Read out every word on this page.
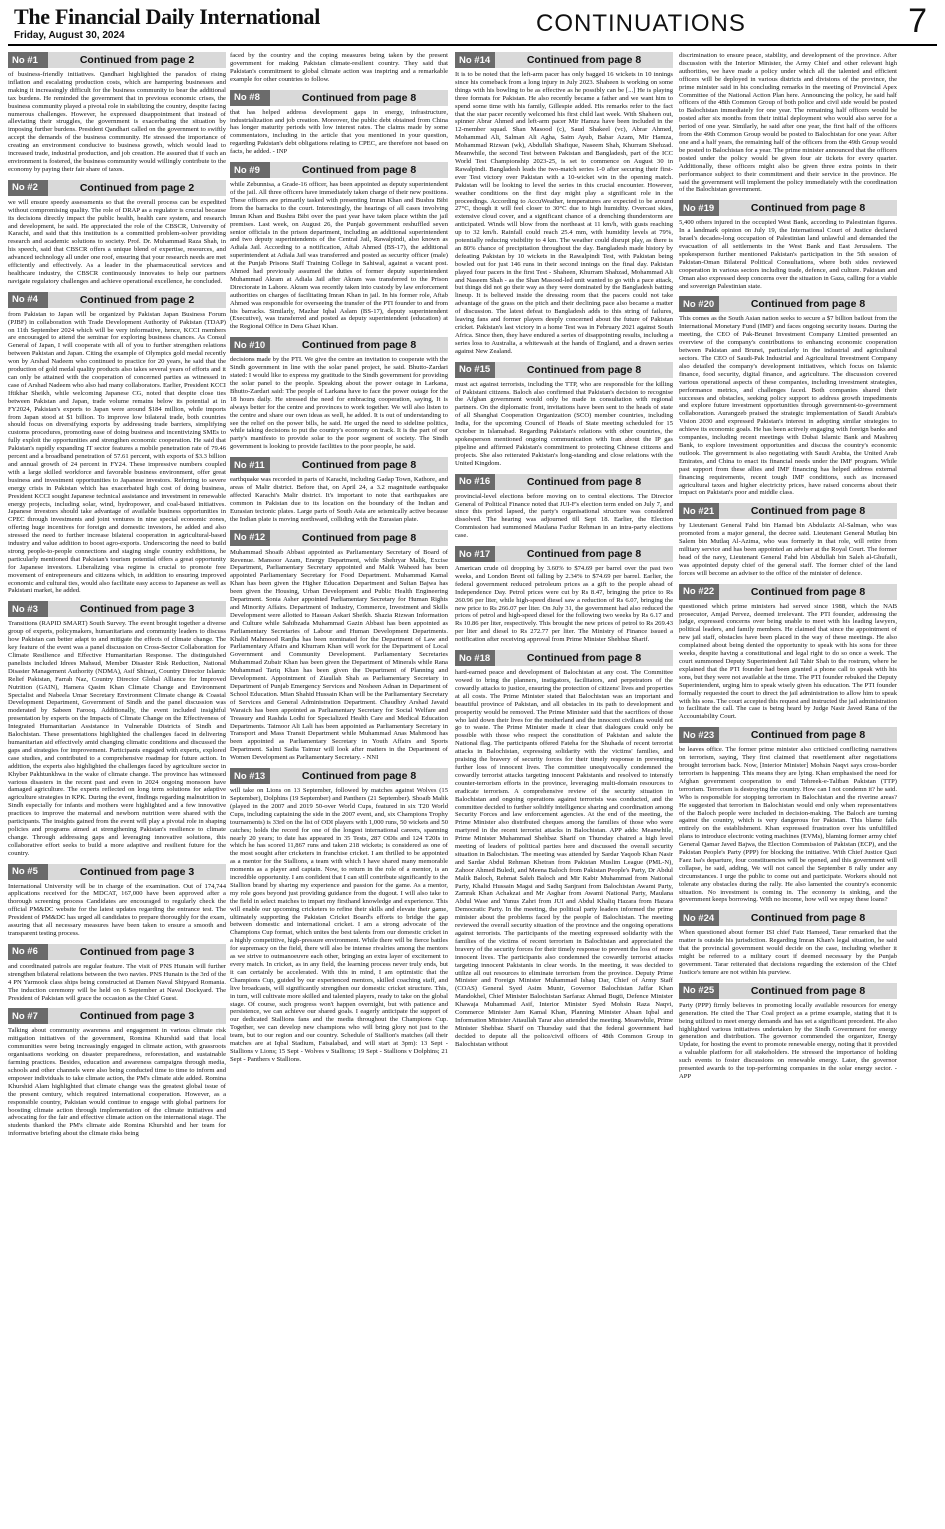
The Financial Daily International
Friday, August 30, 2024	CONTINUATIONS	7
No #1	Continued from page 2
of business-friendly initiatives. Qandhari highlighted the paradox of rising inflation and escalating production costs, which are hampering businesses and making it increasingly difficult for the business community to bear the additional tax burdens. He reminded the government that in previous economic crises, the business community played a pivotal role in stabilizing the country, despite facing numerous challenges. However, he expressed disappointment that instead of alleviating their struggles, the government is exacerbating the situation by imposing further burdens. President Qandhari called on the government to swiftly accept the demands of the business community. He stressed the importance of creating an environment conducive to business growth, which would lead to increased trade, industrial production, and job creation. He assured that if such an environment is fostered, the business community would willingly contribute to the economy by paying their fair share of taxes.
No #2	Continued from page 2
we will ensure speedy assessments so that the overall process can be expedited without compromising quality. The role of DRAP as a regulator is crucial because its decisions directly impact the public health, health care system, and research and development, he said. He appreciated the role of the CBSCR, University of Karachi, and said that this institution is a committed problem-solver providing research and academic solutions to society. Prof. Dr. Muhammad Raza Shah, in his speech, said that CBSCR offers a unique blend of expertise, resources, and advanced technology all under one roof, ensuring that your research needs are met efficiently and effectively. As a leader in the pharmaceutical services and healthcare industry, the CBSCR continuously innovates to help our partners navigate regulatory challenges and achieve operational excellence, he concluded.
No #4	Continued from page 2
from Pakistan to Japan will be organized by Pakistan Japan Business Forum (PJBF) in collaboration with Trade Development Authority of Pakistan (TDAP) on 11th September 2024 which will be very informative, hence, KCCI members are encouraged to attend the seminar for exploring business chances. As Consul General of Japan, I will cooperate with all of you to further strengthen relations between Pakistan and Japan. Citing the example of Olympics gold medal recently won by Arshad Nadeem who continued to practice for 20 years, he said that the production of gold medal quality products also takes several years of efforts and it can only be attained with the cooperation of concerned parties as witnessed in case of Arshad Nadeem who also had many collaborators. Earlier, President KCCI Iftikhar Sheikh, while welcoming Japanese CG, noted that despite close ties between Pakistan and Japan, trade volume remains below its potential at in FY2024, Pakistan's exports to Japan were around $184 million, while imports from Japan stood at $1 billion. To improve low bilateral trade, both countries should focus on diversifying exports by addressing trade barriers, simplifying customs procedures, promoting ease of doing business and incentivizing SMEs to fully exploit the opportunities and strengthen economic cooperation. He said that Pakistan's rapidly expanding IT sector features a mobile penetration rate of 79.46 percent and a broadband penetration of 57.61 percent, with exports of $3.3 billion and annual growth of 24 percent in FY24. These impressive numbers coupled with a large skilled workforce and favorable business environment, offer great business and investment opportunities to Japanese investors. Referring to severe energy crisis in Pakistan which has exacerbated high cost of doing business, President KCCI sought Japanese technical assistance and investment in renewable energy projects, including solar, wind, hydropower, and coal-based initiatives. Japanese investors should take advantage of available business opportunities in CPEC through investments and joint ventures in nine special economic zones, offering huge incentives for foreign and domestic investors, he added and also stressed the need to further increase bilateral cooperation in agricultural-based industry and value addition to boost agro-exports. Underscoring the need to build strong people-to-people connections and staging single country exhibitions, he particularly mentioned that Pakistan's tourism potential offers a great opportunity for Japanese investors. Liberalizing visa regime is crucial to promote free movement of entrepreneurs and citizens which, in addition to ensuring improved economic and cultural ties, would also facilitate easy access to Japanese as well as Pakistani market, he added.
No #3	Continued from page 3
Transitions (RAPID SMART) South Survey. The event brought together a diverse group of experts, policymakers, humanitarians and community leaders to discuss how Pakistan can better adapt to and mitigate the effects of climate change. The key feature of the event was a panel discussion on Cross-Sector Collaboration for Climate Resilience and Effective Humanitarian Response. The distinguished panelists included Idrees Mahsud, Member Disaster Risk Reduction, National Disaster Management Authority (NDMA), Asif Shirazi, Country Director Islamic Relief Pakistan, Farrah Naz, Country Director Global Alliance for Improved Nutrition (GAIN), Hamera Qasim Khan Climate Change and Environment Specialist and Nabeela Umar Secretary Environment Climate change & Coastal Development Department, Government of Sindh and the panel discussion was moderated by Sabeen Farooq. Additionally, the event included insightful presentation by experts on the Impacts of Climate Change on the Effectiveness of Integrated Humanitarian Assistance in Vulnerable Districts of Sindh and Balochistan. These presentations highlighted the challenges faced in delivering humanitarian aid effectively amid changing climatic conditions and discussed the gaps and strategies for improvement. Participants engaged with experts, explored case studies, and contributed to a comprehensive roadmap for future action. In addition, the experts also highlighted the challenges faced by agriculture sector in Khyber Pakhtunkhwa in the wake of climate change. The province has witnessed various disasters in the recent past and even in 2024 ongoing monsoon have damaged agriculture. The experts reflected on long term solutions for adaptive agriculture strategies in KPK. During the event, findings regarding malnutrition in Sindh especially for infants and mothers were highlighted and a few innovative practices to improve the maternal and newborn nutrition were shared with the participants. The insights gained from the event will play a pivotal role in shaping policies and programs aimed at strengthening Pakistan's resilience to climate change. Through addressing gaps and leveraging innovative solutions, this collaborative effort seeks to build a more adaptive and resilient future for the country.
No #5	Continued from page 3
International University will be in charge of the examination. Out of 174,744 applications received for the MDCAT, 167,000 have been approved after a thorough screening process Candidates are encouraged to regularly check the official PM&DC website for the latest updates regarding the entrance test. The President of PM&DC has urged all candidates to prepare thoroughly for the exam, assuring that all necessary measures have been taken to ensure a smooth and transparent testing process.
No #6	Continued from page 3
and coordinated patrols are regular feature. The visit of PNS Hunain will further strengthen bilateral relations between the two navies. PNS Hunain is the 3rd of the 4 PN Yarmook class ships being constructed at Damen Naval Shipyard Romania. The induction ceremony will be held on 6 September at Naval Dockyard. The President of Pakistan will grace the occasion as the Chief Guest.
No #7	Continued from page 3
Talking about community awareness and engagement in various climate risk mitigation initiatives of the government, Romina Khurshid said that local communities were being increasingly engaged in climate action, with grassroots organisations working on disaster preparedness, reforestation, and sustainable farming practices. Besides, education and awareness campaigns through media, schools and other channels were also being conducted time to time to inform and empower individuals to take climate action, the PM's climate aide added. Romina Khurshid Alam highlighted that climate change was the greatest global issue of the present century, which required international cooperation. However, as a responsible country, Pakistan would continue to engage with global partners for boosting climate action through implementation of the climate initiatives and advocating for the fair and effective climate action on the international stage. The students thanked the PM's climate aide Romina Khurshid and her team for informative briefing about the climate risks being
faced by the country and the coping measures being taken by the present government for making Pakistan climate-resilient country. They said that Pakistan's commitment to global climate action was inspiring and a remarkable example for other countries to follow.
No #8	Continued from page 8
that has helped address development gaps in energy, infrastructure, industrialization and job creation. Moreover, the public debt obtained from China has longer maturity periods with low interest rates. The claims made by some commentators, including in the article that you mentioned in your question, regarding Pakistan's debt obligations relating to CPEC, are therefore not based on facts, he added. - INP
No #9	Continued from page 8
while Zebunnisa, a Grade-16 officer, has been appointed as deputy superintendent of the jail. All three officers have immediately taken charge of their new positions. These officers are primarily tasked with presenting Imran Khan and Bushra Bibi from the barracks to the court. Interestingly, the hearings of all cases involving Imran Khan and Bushra Bibi over the past year have taken place within the jail premises. Last week, on August 26, the Punjab government reshuffled seven senior officials in the prison department, including an additional superintendent and two deputy superintendents of the Central Jail, Rawalpindi, also known as Adiala Jail. According to a notification, Aftab Ahmed (BS-17), the additional superintendent at Adiala Jail was transferred and posted as security officer (male) at the Punjab Prisons Staff Training College in Sahiwal, against a vacant post. Ahmed had previously assumed the duties of former deputy superintendent Muhammad Akram at Adiala Jail after Akram was transferred to the Prison Directorate in Lahore. Akram was recently taken into custody by law enforcement authorities on charges of facilitating Imran Khan in jail. In his former role, Aftab Ahmed was responsible for overseeing the transfer of the PTI founder to and from his barracks. Similarly, Mazhar Iqbal Aslam (BS-17), deputy superintendent (Executive), was transferred and posted as deputy superintendent (education) at the Regional Office in Dera Ghazi Khan.
No #10	Continued from page 8
decisions made by the PTI. We give the centre an invitation to cooperate with the Sindh government in line with the solar panel project, he said. Bhutto-Zardari stated: I would like to express my gratitude to the Sindh government for providing the solar panel to the people. Speaking about the power outage in Larkana, Bhutto-Zardari said: The people of Larkana have to face the power outage for the 18 hours daily. He stressed the need for embracing cooperation, saying, It is always better for the centre and provinces to work together. We will also listen to the centre and share our own ideas as well, he added. It is out of understanding to see the relief on the power bills, he said. He urged the need to sideline politics, while taking decisions to put the country's economy on track. It is the part of our party's manifesto to provide solar to the poor segment of society. The Sindh government is looking to provide facilities to the poor people, he said.
No #11	Continued from page 8
earthquake was recorded in parts of Karachi, including Gadap Town, Kathore, and areas of Malir district. Before that, on April 24, a 3.2 magnitude earthquake affected Karachi's Malir district. It's important to note that earthquakes are common in Pakistan due to its location on the boundary of the Indian and Eurasian tectonic plates. Large parts of South Asia are seismically active because the Indian plate is moving northward, colliding with the Eurasian plate.
No #12	Continued from page 8
Muhammad Shoaib Abbasi appointed as Parliamentary Secretary of Board of Revenue. Mansoor Azam, Energy Department, while Shehryar Malik, Excise Department, Parliamentary Secretary appointed and Malik Waheed has been appointed Parliamentary Secretary for Food Department. Muhammad Kamal Khan has been given the Higher Education Department and Sultan Bajwa has been given the Housing, Urban Development and Public Health Engineering Department. Sonia Asher appointed Parliamentary Secretary for Human Rights and Minority Affairs. Department of Industry, Commerce, Investment and Skills Development were allotted to Hassan Askari Sheikh. Shazia Rizwan Information and Culture while Sahibzada Muhammad Gazin Abbasi has been appointed as Parliamentary Secretaries of Labour and Human Development Departments. Khalid Mahmood Ranjha has been nominated for the Department of Law and Parliamentary Affairs and Khurram Khan will work for the Department of Local Government and Community Development. Parliamentary Secretaries Muhammad Zubair Khan has been given the Department of Minerals while Rana Muhammad Tariq Khan has been given the Department of Planning and Development. Appointment of Ziaullah Shah as Parliamentary Secretary in Department of Punjab Emergency Services and Nosheen Adnan in Department of School Education. Mian Shahid Hussain Khan will be the Parliamentary Secretary of Services and General Administration Department. Chaudhry Arshad Javaid Waraich has been appointed as Parliamentary Secretary for Social Welfare and Treasury and Rashda Lodhi for Specialized Health Care and Medical Education Departments. Taimoor Ali Lali has been appointed as Parliamentary Secretary in Transport and Mass Transit Department while Muhammad Anas Mahmood has been appointed as Parliamentary Secretary in Youth Affairs and Sports Department. Salmi Sadia Taimur will look after matters in the Department of Women Development as Parliamentary Secretary. - NNI
No #13	Continued from page 8
will take on Lions on 13 September, followed by matches against Wolves (15 September), Dolphins (19 September) and Panthers (21 September). Shoaib Malik (played in the 2007 and 2019 50-over World Cups, featured in six T20 World Cups, including captaining the side in the 2007 event, and, six Champions Trophy tournaments) is 33rd on the list of ODI players with 1,000 runs, 50 wickets and 50 catches; holds the record for one of the longest international careers, spanning nearly 20 years; to date has appeared in 35 Tests, 287 ODIs and 124 T20Is in which he has scored 11,867 runs and taken 218 wickets; is considered as one of the most sought after cricketers in franchise cricket. I am thrilled to be appointed as a mentor for the Stallions, a team with which I have shared many memorable moments as a player and captain. Now, to return in the role of a mentor, is an incredible opportunity. I am confident that I can still contribute significantly to the Stallion brand by sharing my experience and passion for the game. As a mentor, my role goes beyond just providing guidance from the dugout. I will also take to the field in select matches to impart my firsthand knowledge and experience. This will enable our upcoming cricketers to refine their skills and elevate their game, ultimately supporting the Pakistan Cricket Board's efforts to bridge the gap between domestic and international cricket. I am a strong advocate of the Champions Cup format, which unites the best talents from our domestic cricket in a highly competitive, high-pressure environment. While there will be fierce battles for supremacy on the field, there will also be intense rivalries among the mentors as we strive to outmanoeuvre each other, bringing an extra layer of excitement to every match. In cricket, as in any field, the learning process never truly ends, but it can certainly be accelerated. With this in mind, I am optimistic that the Champions Cup, guided by our experienced mentors, skilled coaching staff, and live broadcasts, will significantly strengthen our domestic cricket structure. This, in turn, will cultivate more skilled and talented players, ready to take on the global stage. Of course, such progress won't happen overnight, but with patience and persistence, we can achieve our shared goals. I eagerly anticipate the support of our dedicated Stallions fans and the media throughout the Champions Cup. Together, we can develop new champions who will bring glory not just to the team, but to our region and our country. Schedule of Stallion's matches (all their matches are at Iqbal Stadium, Faisalabad, and will start at 3pm): 13 Sept - Stallions v Lions; 15 Sept - Wolves v Stallions; 19 Sept - Stallions v Dolphins; 21 Sept - Panthers v Stallions.
No #14	Continued from page 8
It is to be noted that the left-arm pacer has only bagged 16 wickets in 10 innings since his comeback from a long injury in July 2023. Shaheen is working on some things with his bowling to be as effective as he possibly can be [...] He is playing three formats for Pakistan. He also recently became a father and we want him to spend some time with his family, Gillespie added. His remarks refer to the fact that the star pacer recently welcomed his first child last week. With Shaheen out, spinner Abrar Ahmed and left-arm pacer Mir Hamza have been included in the 12-member squad. Shan Masood (c), Saud Shakeel (vc), Abrar Ahmed, Mohammad Ali, Salman Ali Agha, Saim Ayub, Babar Azam, Mir Hamza, Mohammad Rizwan (wk), Abdullah Shafique, Naseem Shah, Khurram Shehzad. Meanwhile, the second Test between Pakistan and Bangladesh, part of the ICC World Test Championship 2023-25, is set to commence on August 30 in Rawalpindi. Bangladesh leads the two-match series 1-0 after securing their first-ever Test victory over Pakistan with a 10-wicket win in the opening match. Pakistan will be looking to level the series in this crucial encounter. However, weather conditions on the first day might play a significant role in the proceedings. According to AccuWeather, temperatures are expected to be around 27°C, though it will feel closer to 30°C due to high humidity. Overcast skies, extensive cloud cover, and a significant chance of a drenching thunderstorm are anticipated. Winds will blow from the northeast at 11 km/h, with gusts reaching up to 32 km/h. Rainfall could reach 25.4 mm, with humidity levels at 79%, potentially reducing visibility to 4 km. The weather could disrupt play, as there is an 80% chance of precipitation throughout the day. Bangladesh made history by defeating Pakistan by 10 wickets in the Rawalpindi Test, with Pakistan being bowled out for just 146 runs in their second innings on the final day. Pakistan played four pacers in the first Test - Shaheen, Khurram Shahzad, Mohammad Ali and Naseem Shah - as the Shan Masood-led unit wanted to go with a pace attack, but things did not go their way as they were dominated by the Bangladesh batting lineup. It is believed inside the dressing room that the pacers could not take advantage of the grass on the pitch and their declining pace also became a matter of discussion. The latest defeat to Bangladesh adds to this string of failures, leaving fans and former players deeply concerned about the future of Pakistan cricket. Pakistan's last victory in a home Test was in February 2021 against South Africa. Since then, they have endured a series of disappointing results, including a series loss to Australia, a whitewash at the hands of England, and a drawn series against New Zealand.
No #15	Continued from page 8
must act against terrorists, including the TTP, who are responsible for the killing of Pakistani citizens. Baloch also confirmed that Pakistan's decision to recognise the Afghan government would only be made in consultation with regional partners. On the diplomatic front, invitations have been sent to the heads of state of all Shanghai Cooperation Organization (SCO) member countries, including India, for the upcoming Council of Heads of State meeting scheduled for 15 October in Islamabad. Regarding Pakistan's relations with other countries, the spokesperson mentioned ongoing communication with Iran about the IP gas pipeline and affirmed Pakistan's commitment to protecting Chinese citizens and projects. She also reiterated Pakistan's long-standing and close relations with the United Kingdom.
No #16	Continued from page 8
provincial-level elections before moving on to central elections. The Director General of Political Finance noted that JUI-F's election term ended on July 7, and since this period lapsed, the party's organisational structure was considered dissolved. The hearing was adjourned till Sept 18. Earlier, the Election Commission had summoned Maulana Fazlur Rehman in an intra-party elections case.
No #17	Continued from page 8
American crude oil dropping by 3.60% to $74.69 per barrel over the past two weeks, and London Brent oil falling by 2.34% to $74.69 per barrel. Earlier, the federal government reduced petroleum prices as a gift to the people ahead of Independence Day. Petrol prices were cut by Rs 8.47, bringing the price to Rs 260.96 per liter, while high-speed diesel saw a reduction of Rs 6.07, bringing the new price to Rs 266.07 per liter. On July 31, the government had also reduced the prices of petrol and high-speed diesel for the following two weeks by Rs 6.17 and Rs 10.86 per liter, respectively. This brought the new prices of petrol to Rs 269.43 per liter and diesel to Rs 272.77 per liter. The Ministry of Finance issued a notification after receiving approval from Prime Minister Shehbaz Sharif.
No #18	Continued from page 8
hard-earned peace and development of Balochistan at any cost. The Committee vowed to bring the planners, instigators, facilitators, and perpetrators of the cowardly attacks to justice, ensuring the protection of citizens' lives and properties at all costs. The Prime Minister stated that Balochistan was an important and beautiful province of Pakistan, and all obstacles in its path to development and prosperity would be removed. The Prime Minister said that the sacrifices of those who laid down their lives for the motherland and the innocent civilians would not go to waste. The Prime Minister made it clear that dialogues could only be possible with those who respect the constitution of Pakistan and salute the National flag. The participants offered Fateha for the Shuhada of recent terrorist attacks in Balochistan, expressing solidarity with the victims' families, and praising the bravery of security forces for their timely response in preventing further loss of innocent lives. The committee unequivocally condemned the cowardly terrorist attacks targeting innocent Pakistanis and resolved to intensify counter-terrorism efforts in the province, leveraging multi-domain resources to eradicate terrorism. A comprehensive review of the security situation in Balochistan and ongoing operations against terrorists was conducted, and the committee decided to further solidify intelligence sharing and coordination among Security Forces and law enforcement agencies. At the end of the meeting, the Prime Minister also distributed cheques among the families of those who were martyred in the recent terrorist attacks in Balochistan. APP adds: Meanwhile, Prime Minister Muhammad Shehbaz Sharif on Thursday chaired a high level meeting of leaders of political parties here and discussed the overall security situation in Balochistan. The meeting was attended by Sardar Yaqoob Khan Nasir and Sardar Abdul Rehman Khetran from Pakistan Muslim League (PML-N), Zahoor Ahmed Buledi, and Meena Baloch from Pakistan People's Party, Dr Abdul Malik Baloch, Rehmat Saleh Baloch and Mir Kabir Muhammad from National Party, Khalid Hussain Magsi and Sadiq Sanjrani from Balochistan Awami Party, Zamrak Khan Achakzai and Mr Asghar from Awami National Party, Maulana Abdul Wase and Yunus Zahri from JUI and Abdul Khaliq Hazara from Hazara Democratic Party. In the meeting, the political party leaders informed the prime minister about the problems faced by the people of Balochistan. The meeting reviewed the overall security situation of the province and the ongoing operations against terrorists. The participants of the meeting expressed solidarity with the families of the victims of recent terrorism in Balochistan and appreciated the bravery of the security forces for their timely response to prevent the loss of more innocent lives. The participants also condemned the cowardly terrorist attacks targeting innocent Pakistanis in clear words. In the meeting, it was decided to utilize all out resources to eliminate terrorism from the province. Deputy Prime Minister and Foreign Minister Muhammad Ishaq Dar, Chief of Army Staff (COAS) General Syed Asim Munir, Governor Balochistan Jaffar Khan Mandokhel, Chief Minister Balochistan Sarfaraz Ahmad Bugti, Defence Minister Khawaja Muhammad Asif, Interior Minister Syed Mohsin Raza Naqvi, Commerce Minister Jam Kamal Khan, Planning Minister Ahsan Iqbal and Information Minister Attaullah Tarar also attended the meeting. Meanwhile, Prime Minister Shehbaz Sharif on Thursday said that the federal government had decided to depute all the police/civil officers of 48th Common Group in Balochistan without
discrimination to ensure peace, stability, and development of the province. After discussion with the Interior Minister, the Army Chief and other relevant high authorities, we have made a policy under which all the talented and efficient officers will be deployed in various districts and divisions of the province, the prime minister said in his concluding remarks in the meeting of Provincial Apex Committee of the National Action Plan here. Announcing the policy, he said half officers of the 48th Common Group of both police and civil side would be posted to Balochistan immediately for one year. The remaining half officers would be posted after six months from their initial deployment who would also serve for a period of one year. Similarly, he said after one year, the first half of the officers from the 49th Common Group would be posted to Balochistan for one year. After one and a half years, the remaining half of the officers from the 49th Group would be posted to Balochistan for a year. The prime minister announced that the officers posted under the policy would be given four air tickets for every quarter. Additionally, these officers might also be given three extra points in their performance subject to their commitment and their service in the province. He said the government will implement the policy immediately with the coordination of the Balochistan government.
No #19	Continued from page 8
5,400 others injured in the occupied West Bank, according to Palestinian figures. In a landmark opinion on July 19, the International Court of Justice declared Israel's decades-long occupation of Palestinian land unlawful and demanded the evacuation of all settlements in the West Bank and East Jerusalem. The spokesperson further mentioned Pakistan's participation in the 5th session of Pakistan-Oman Bilateral Political Consultations, where both sides reviewed cooperation in various sectors including trade, defence, and culture. Pakistan and Oman also expressed deep concerns over the situation in Gaza, calling for a viable and sovereign Palestinian state.
No #20	Continued from page 8
This comes as the South Asian nation seeks to secure a $7 billion bailout from the International Monetary Fund (IMF) and faces ongoing security issues. During the meeting, the CEO of Pak-Brunei Investment Company Limited presented an overview of the company's contributions to enhancing economic cooperation between Pakistan and Brunei, particularly in the industrial and agricultural sectors. The CEO of Saudi-Pak Industrial and Agricultural Investment Company also detailed the company's development initiatives, which focus on Islamic finance, food security, digital finance, and agriculture. The discussion covered various operational aspects of these companies, including investment strategies, performance metrics, and challenges faced. Both companies shared their successes and obstacles, seeking policy support to address growth impediments and explore future investment opportunities through government-to-government collaboration. Aurangzeb praised the strategic implementation of Saudi Arabia's Vision 2030 and expressed Pakistan's interest in adopting similar strategies to achieve its economic goals. He has been actively engaging with foreign banks and companies, including recent meetings with Dubai Islamic Bank and Mashreq Bank, to explore investment opportunities and discuss the country's economic outlook. The government is also negotiating with Saudi Arabia, the United Arab Emirates, and China to enact its financial needs under the IMF program. While past support from these allies and IMF financing has helped address external financing requirements, recent tough IMF conditions, such as increased agricultural taxes and higher electricity prices, have raised concerns about their impact on Pakistan's poor and middle class.
No #21	Continued from page 8
by Lieutenant General Fahd bin Hamad bin Abdulaziz Al-Salman, who was promoted from a major general, the decree said. Lieutenant General Mutlaq bin Salem bin Mutlaq Al-Azima, who was formerly in that role, will retire from military service and has been appointed an adviser at the Royal Court. The former head of the navy, Lieutenant General Fahd bin Abdullah bin Saleh al-Ghufaili, was appointed deputy chief of the general staff. The former chief of the land forces will become an adviser to the office of the minister of defence.
No #22	Continued from page 8
questioned which prime ministers had served since 1988, which the NAB prosecutor, Amjad Pervez, deemed irrelevant. The PTI founder, addressing the judge, expressed concerns over being unable to meet with his leading lawyers, political leaders, and family members. He claimed that since the appointment of new jail staff, obstacles have been placed in the way of these meetings. He also complained about being denied the opportunity to speak with his sons for three weeks, despite having a constitutional and legal right to do so once a week. The court summoned Deputy Superintendent Jail Tahir Shah to the rostrum, where he explained that the PTI founder had been granted a phone call to speak with his sons, but they were not available at the time. The PTI founder rebuked the Deputy Superintendent, urging him to speak wisely given his education. The PTI founder formally requested the court to direct the jail administration to allow him to speak with his sons. The court accepted this request and instructed the jail administration to facilitate the call. The case is being heard by Judge Nasir Javed Rana of the Accountability Court.
No #23	Continued from page 8
be leaves office. The former prime minister also criticised conflicting narratives on terrorism, saying, They first claimed that resettlement after negotiations brought terrorism back. Now, [Interior Minister] Mohsin Naqvi says cross-border terrorism is happening. This means they are lying. Khan emphasised the need for Afghan government cooperation to end Tehreek-e-Taliban Pakistan (TTP) terrorism. Terrorism is destroying the country. How can I not condemn it? he said. Who is responsible for stopping terrorism in Balochistan and the riverine areas? He suggested that terrorism in Balochistan would end only when representatives of the Baloch people were included in decision-making. The Baloch are turning against the country, which is very dangerous for Pakistan. This blame falls entirely on the establishment. Khan expressed frustration over his unfulfilled plans to introduce electronic voting machines (EVMs), blaming former army chief General Qamar Javed Bajwa, the Election Commission of Pakistan (ECP), and the Pakistan People's Party (PPP) for blocking the initiative. With Chief Justice Qazi Faez Isa's departure, four constituencies will be opened, and this government will collapse, he said, adding, We will not cancel the September 8 rally under any circumstances. I urge the public to come out and participate. Workers should not tolerate any obstacles during the rally. He also lamented the country's economic situation. No investment is coming in. The economy is sinking, and the government keeps borrowing. With no income, how will we repay these loans?
No #24	Continued from page 8
When questioned about former ISI chief Faiz Hameed, Tarar remarked that the matter is outside his jurisdiction. Regarding Imran Khan's legal situation, he said that the provincial government would decide on the case, including whether it might be referred to a military court if deemed necessary by the Punjab government. Tarar reiterated that decisions regarding the extension of the Chief Justice's tenure are not within his purview.
No #25	Continued from page 8
Party (PPP) firmly believes in promoting locally available resources for energy generation. He cited the Thar Coal project as a prime example, stating that it is being utilized to meet energy demands and has set a significant precedent. He also highlighted various initiatives undertaken by the Sindh Government for energy generation and distribution. The governor commended the organizer, Energy Update, for hosting the event to promote renewable energy, noting that it provided a valuable platform for all stakeholders. He stressed the importance of holding such events to foster discussions on renewable energy. Later, the governor presented awards to the top-performing companies in the solar energy sector. - APP
